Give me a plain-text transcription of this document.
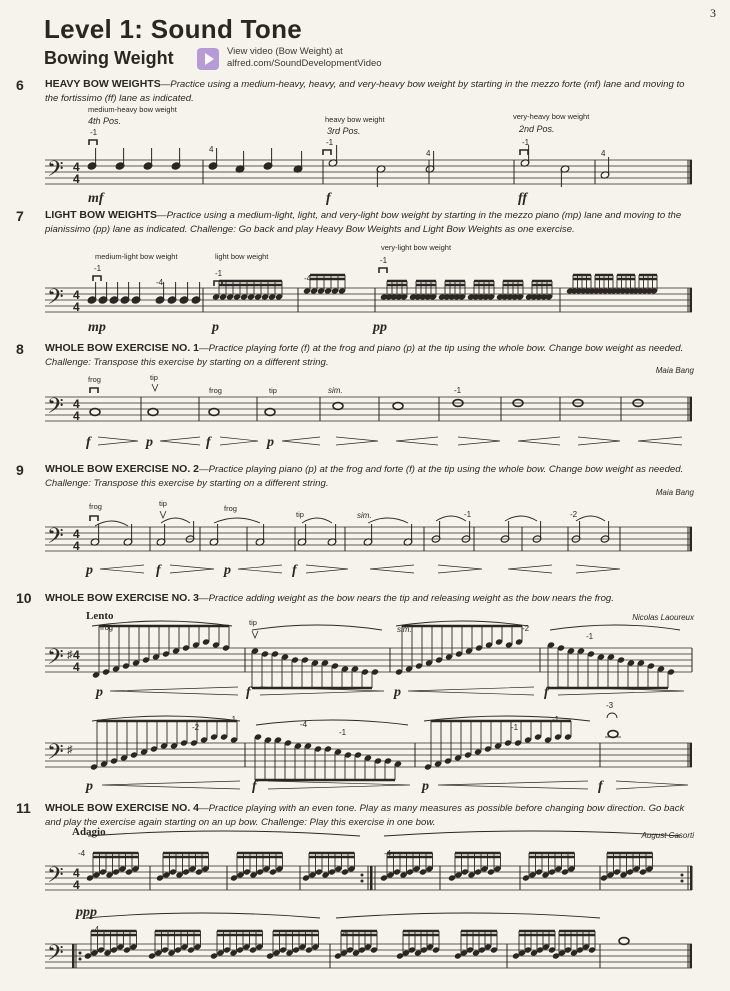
3
Level 1: Sound Tone
Bowing Weight	View video (Bow Weight) at
alfred.com/SoundDevelopmentVideo
6 HEAVY BOW WEIGHTS—Practice using a medium-heavy, heavy, and very-heavy bow weight by starting in the mezzo forte (mf) lane and moving to the fortissimo (ff) lane as indicated.
7 LIGHT BOW WEIGHTS—Practice using a medium-light, light, and very-light bow weight by starting in the mezzo piano (mp) lane and moving to the pianissimo (pp) lane as indicated. Challenge: Go back and play Heavy Bow Weights and Light Bow Weights as one exercise.
8 WHOLE BOW EXERCISE NO. 1—Practice playing forte (f) at the frog and piano (p) at the tip using the whole bow. Change bow weight as needed. Challenge: Transpose this exercise by starting on a different string.
Maia Bang
9 WHOLE BOW EXERCISE NO. 2—Practice playing piano (p) at the frog and forte (f) at the tip using the whole bow. Change bow weight as needed. Challenge: Transpose this exercise by starting on a different string.
Maia Bang
10 WHOLE BOW EXERCISE NO. 3—Practice adding weight as the bow nears the tip and releasing weight as the bow nears the frog.
Nicolas Laoureux
Lento
11 WHOLE BOW EXERCISE NO. 4—Practice playing with an even tone. Play as many measures as possible before changing bow direction. Go back and play the exercise again starting on an up bow. Challenge: Play this exercise in one bow.
August Casorti
Adagio
𝄢 4
4
medium-heavy bow weight
heavy bow weight	very-heavy bow weight
4th Pos.
3rd Pos.	2nd Pos.
-1
4
-1
4
-1
4
mf	f	ff
𝄢 4
4
medium-light bow weight	light bow weight
very-light bow weight
-1
-4
-1
-4
-1
mp	p	pp
𝄢 4
4
frog	tip
frog	tip	sim.	-1
f	p	f	p
𝄢 4
4
frog	tip
frog
tip	sim.	-1	-2
p	f	p	f
𝄢 4
4
♯
frog
tip
sim.	-2
-1
p	f	p	f
𝄢 ♯
-2
-1
-4
-1
-1
-1
-3
p	f	p	f
𝄢 4
4
-4	-4
ppp
𝄢
-4	-4
